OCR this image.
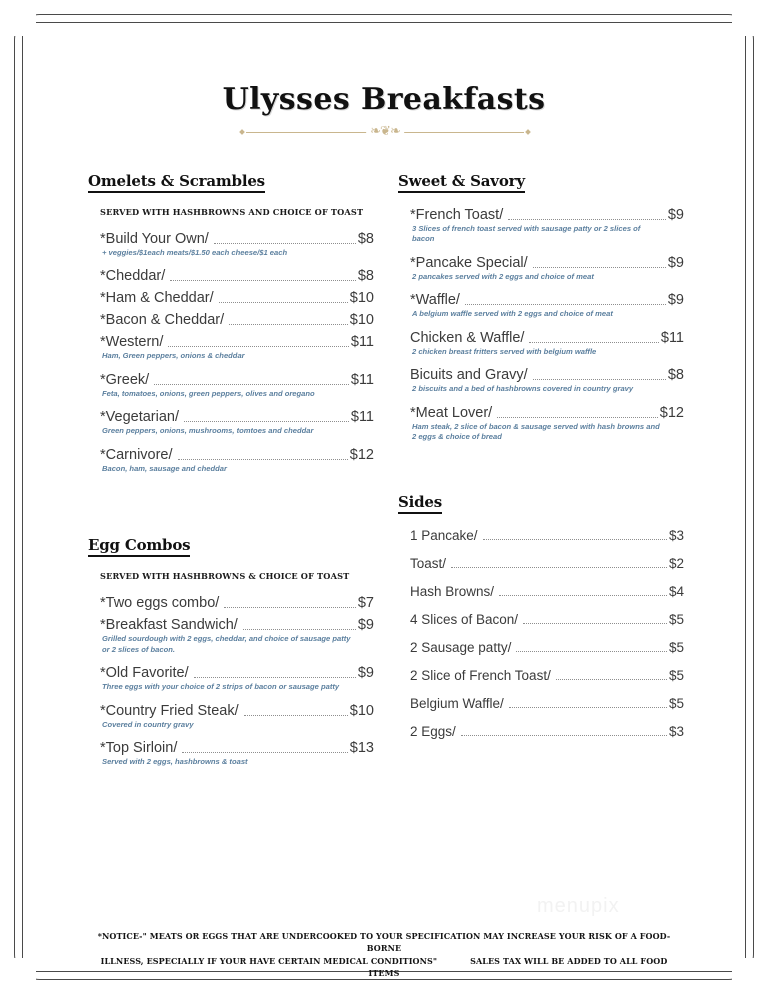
Ulysses Breakfasts
❧❦❧
Omelets & Scrambles
SERVED WITH HASHBROWNS AND CHOICE OF TOAST
*Build Your Own/	$8
+ veggies/$1each meats/$1.50 each cheese/$1 each
*Cheddar/	$8
*Ham & Cheddar/	$10
*Bacon & Cheddar/	$10
*Western/	$11
Ham, Green peppers, onions & cheddar
*Greek/	$11
Feta, tomatoes, onions, green peppers, olives and oregano
*Vegetarian/	$11
Green peppers, onions, mushrooms, tomtoes and cheddar
*Carnivore/	$12
Bacon, ham, sausage and cheddar
Egg Combos
SERVED WITH HASHBROWNS & CHOICE OF TOAST
*Two eggs combo/	$7
*Breakfast Sandwich/	$9
Grilled sourdough with 2 eggs, cheddar, and choice of sausage patty or 2 slices of bacon.
*Old Favorite/	$9
Three eggs with your choice of 2 strips of bacon or sausage patty
*Country Fried Steak/	$10
Covered in country gravy
*Top Sirloin/	$13
Served with 2 eggs, hashbrowns & toast
Sweet & Savory
*French Toast/	$9
3 Slices of french toast served with sausage patty or 2 slices of bacon
*Pancake Special/	$9
2 pancakes served with 2 eggs and choice of meat
*Waffle/	$9
A belgium waffle served with 2 eggs and choice of meat
Chicken & Waffle/	$11
2 chicken breast fritters served with belgium waffle
Bicuits and Gravy/	$8
2 biscuits and a bed of hashbrowns covered in country gravy
*Meat Lover/	$12
Ham steak, 2 slice of bacon & sausage served with hash browns and 2 eggs & choice of bread
Sides
1 Pancake/	$3
Toast/	$2
Hash Browns/	$4
4 Slices of Bacon/	$5
2 Sausage patty/	$5
2 Slice of French Toast/	$5
Belgium Waffle/	$5
2 Eggs/	$3
menupix
*NOTICE-" MEATS OR EGGS THAT ARE UNDERCOOKED TO YOUR SPECIFICATION MAY INCREASE YOUR RISK OF A FOOD-BORNE
ILLNESS, ESPECIALLY IF YOUR HAVE CERTAIN MEDICAL CONDITIONS"	SALES TAX WILL BE ADDED TO ALL FOOD ITEMS
